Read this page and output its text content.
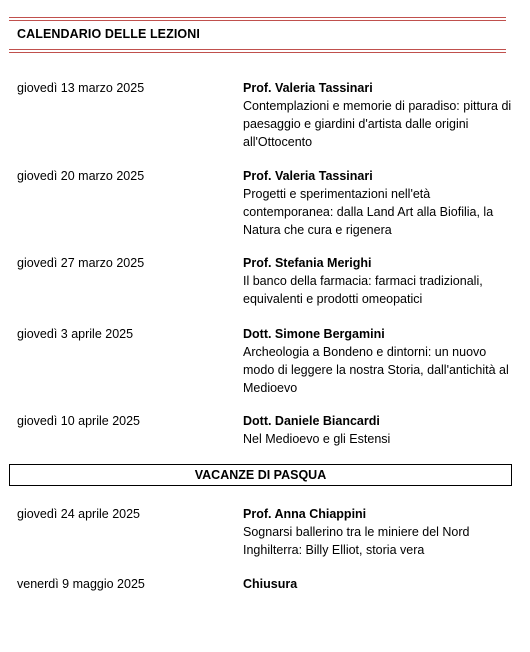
CALENDARIO DELLE LEZIONI
giovedì 13 marzo 2025	Prof. Valeria Tassinari
Contemplazioni e memorie di paradiso: pittura di paesaggio e giardini d'artista dalle origini all'Ottocento
giovedì 20 marzo 2025	Prof. Valeria Tassinari
Progetti e sperimentazioni nell'età contemporanea: dalla Land Art alla Biofilia, la Natura che cura e rigenera
giovedì 27 marzo 2025	Prof. Stefania Merighi
Il banco della farmacia: farmaci tradizionali, equivalenti e prodotti omeopatici
giovedì 3 aprile 2025	Dott. Simone Bergamini
Archeologia a Bondeno e dintorni: un nuovo modo di leggere la nostra Storia, dall'antichità al Medioevo
giovedì 10 aprile 2025	Dott. Daniele Biancardi
Nel Medioevo e gli Estensi
VACANZE DI PASQUA
giovedì 24 aprile 2025	Prof. Anna Chiappini
Sognarsi ballerino tra le miniere del Nord Inghilterra: Billy Elliot, storia vera
venerdì 9 maggio 2025	Chiusura
